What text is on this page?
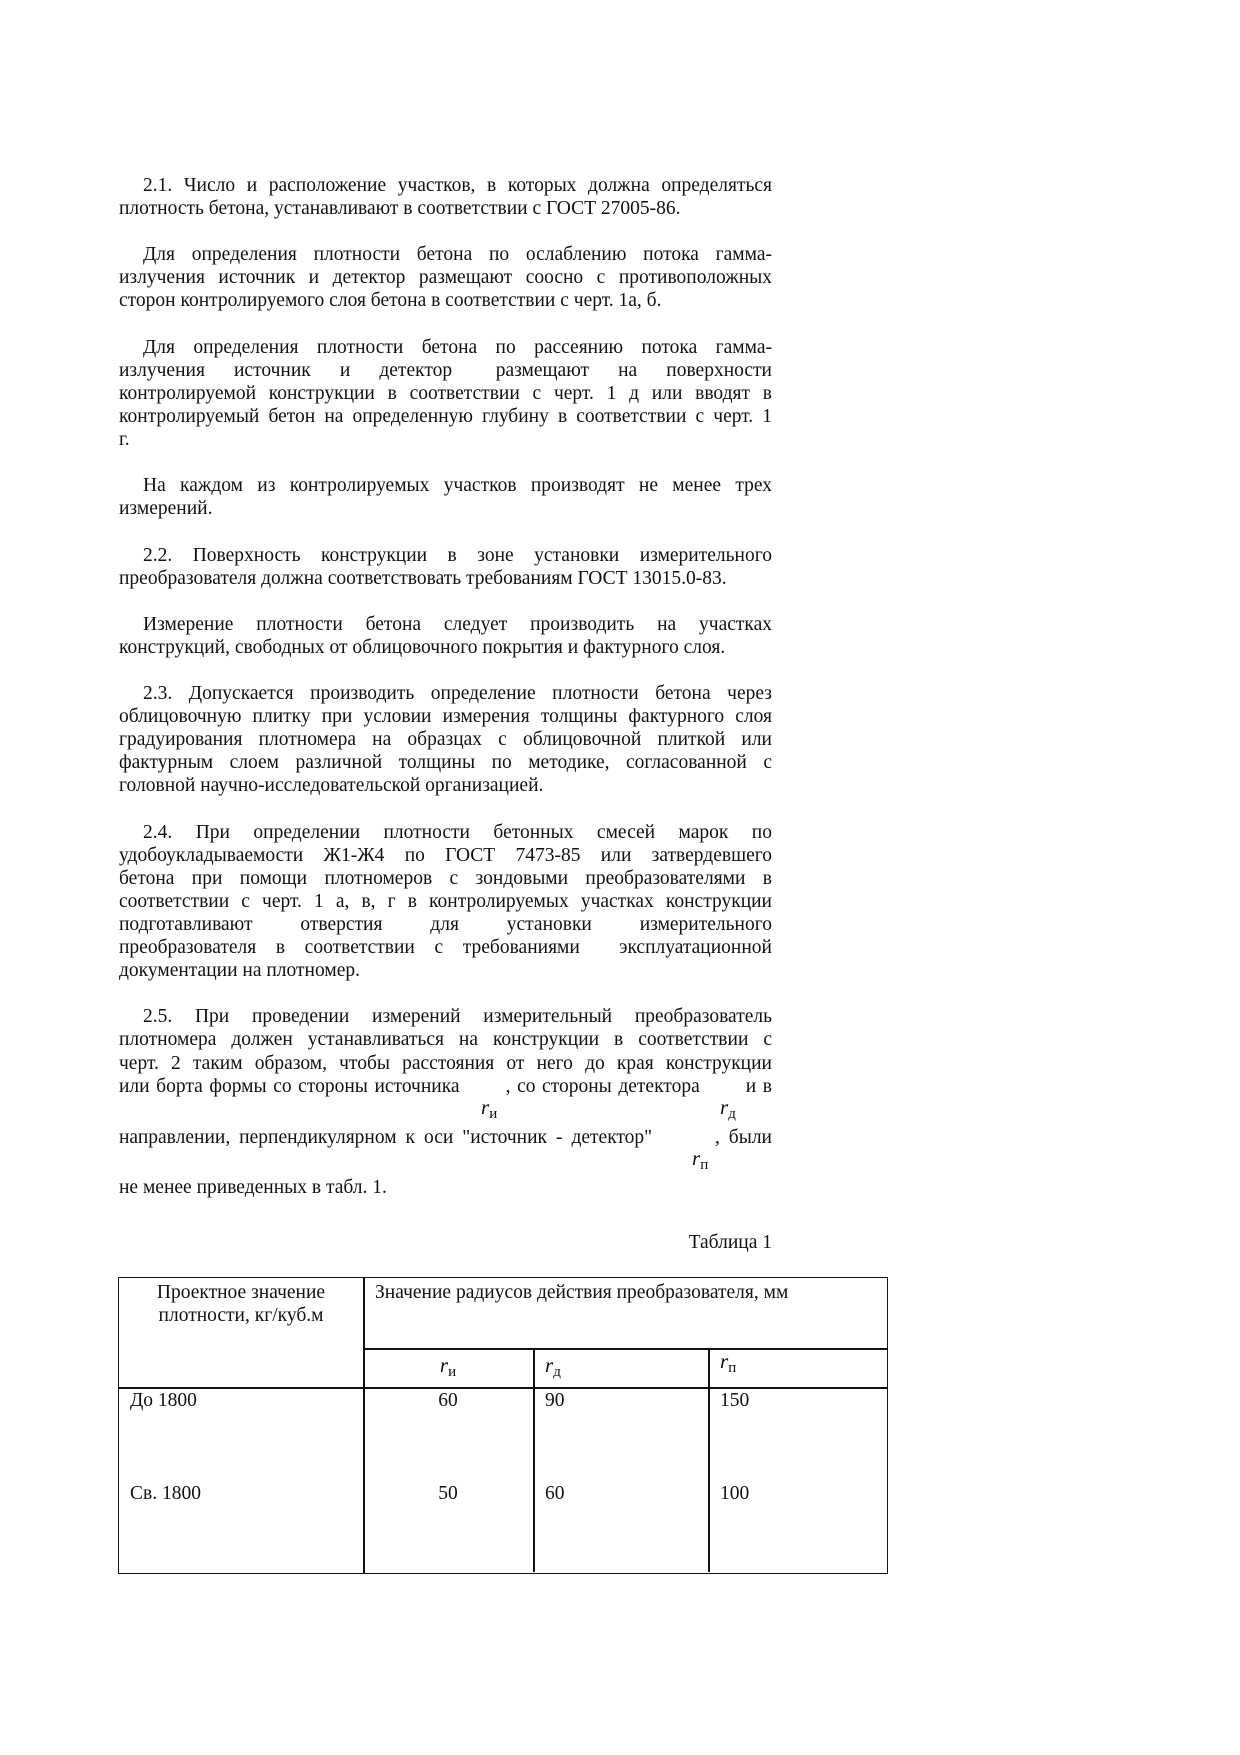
2.1. Число и расположение участков, в которых должна определяться
плотность бетона, устанавливают в соответствии с ГОСТ 27005-86.
Для определения плотности бетона по ослаблению потока гамма-
излучения источник и детектор размещают соосно с противоположных
сторон контролируемого слоя бетона в соответствии с черт. 1а, б.
Для определения плотности бетона по рассеянию потока гамма-
излучения  источник  и  детектор   размещают  на  поверхности
контролируемой конструкции в соответствии с черт. 1 д или вводят в
контролируемый бетон на определенную глубину в соответствии с черт. 1
г.
На каждом из контролируемых участков производят не менее трех
измерений.
2.2. Поверхность конструкции в зоне установки измерительного
преобразователя должна соответствовать требованиям ГОСТ 13015.0-83.
Измерение плотности бетона следует производить на участках
конструкций, свободных от облицовочного покрытия и фактурного слоя.
2.3. Допускается производить определение плотности бетона через
облицовочную плитку при условии измерения толщины фактурного слоя
градуирования плотномера на образцах с облицовочной плиткой или
фактурным слоем различной толщины по методике, согласованной с
головной научно-исследовательской организацией.
2.4. При определении плотности бетонных смесей марок по
удобоукладываемости Ж1-Ж4 по ГОСТ 7473-85 или затвердевшего
бетона при помощи плотномеров с зондовыми преобразователями в
соответствии с черт. 1 а, в, г в контролируемых участках конструкции
подготавливают отверстия для установки измерительного
преобразователя в соответствии с требованиями  эксплуатационной
документации на плотномер.
2.5. При проведении измерений измерительный преобразователь
плотномера должен устанавливаться на конструкции в соответствии с
черт. 2 таким образом, чтобы расстояния от него до края конструкции
или борта формы со стороны источника       , со стороны детектора       и в
$r_и$	$r_д$
направлении, перпендикулярном к оси "источник - детектор"       , были
$r_п$
не менее приведенных в табл. 1.
Таблица 1
Проектное значение
плотности, кг/куб.м
Значение радиусов действия преобразователя, мм
$r_и$	$r_д$	$r_п$
До 1800	60	90	150
Св. 1800	50	60	100
